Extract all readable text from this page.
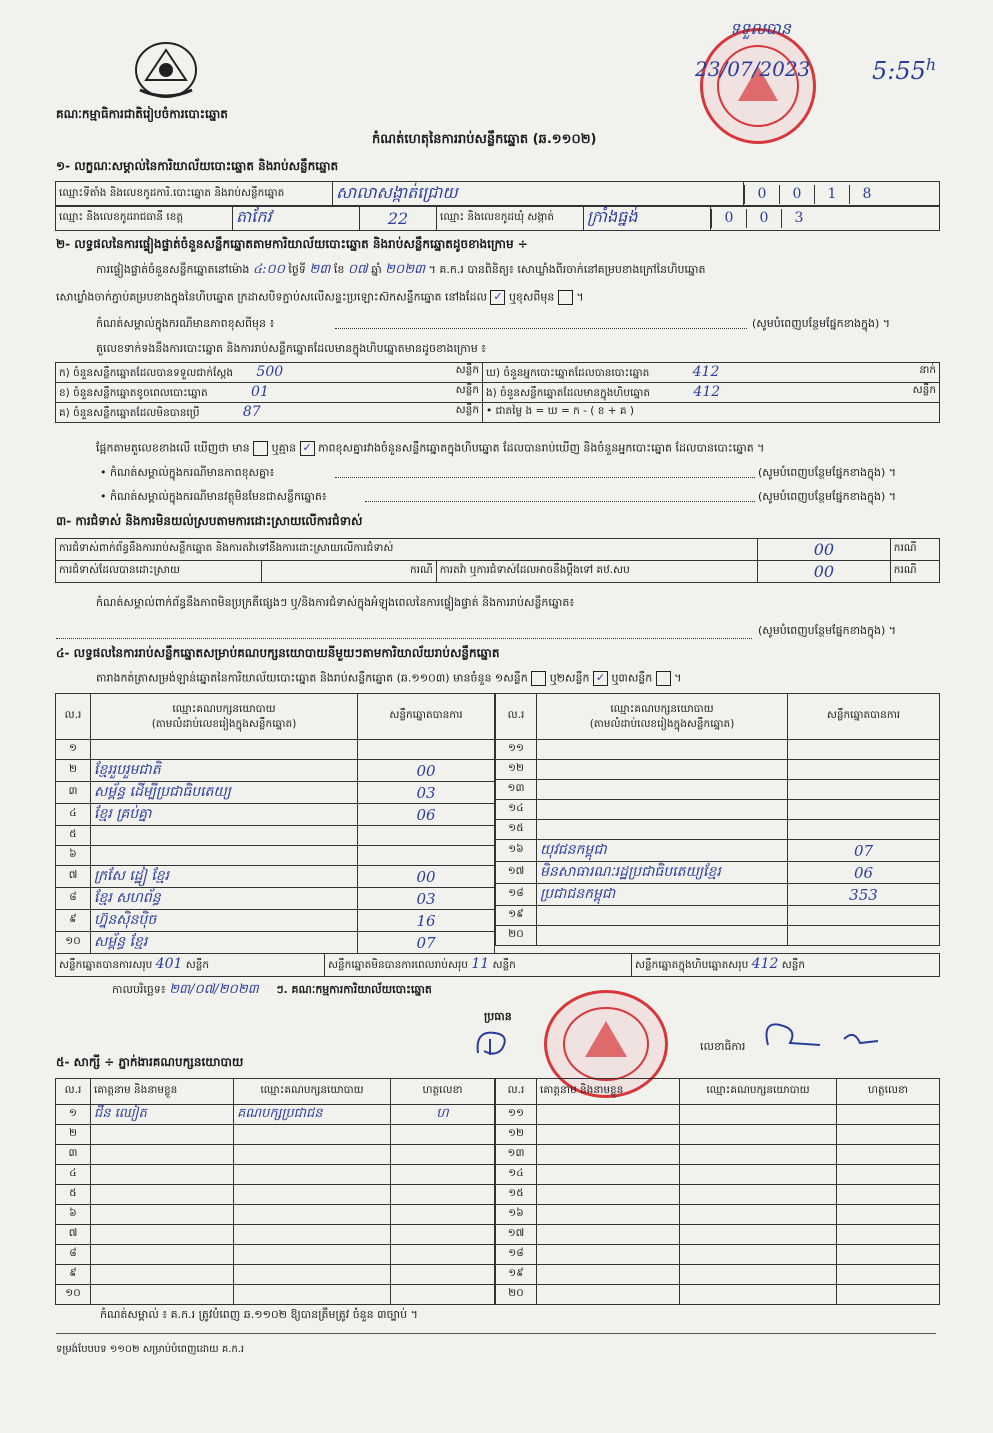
គណៈកម្មាធិការជាតិរៀបចំការបោះឆ្នោត
កំណត់ហេតុនៃការរាប់សន្លឹកឆ្នោត (ឆ.១១០២)
ទទួលបាន
23/07/2023	5:55$^h$
១- លក្ខណៈសម្គាល់នៃការិយាល័យបោះឆ្នោត និងរាប់សន្លឹកឆ្នោត
ឈ្មោះទីតាំង និងលេខកូដការិ.បោះឆ្នោត និងរាប់សន្លឹកឆ្នោត	សាលាសង្កាត់ជ្រោយ	0 0 1 8
ឈ្មោះ និងលេខកូដរាជធានី ខេត្ត	តាកែវ	22	ឈ្មោះ និងលេខកូដឃុំ សង្កាត់	ក្រាំងធ្នង់	0 0 3
២- លទ្ធផលនៃការផ្ទៀងផ្ទាត់ចំនួនសន្លឹកឆ្នោតតាមការិយាល័យបោះឆ្នោត និងរាប់សន្លឹកឆ្នោតដូចខាងក្រោម ÷
ការផ្ទៀងផ្ទាត់ចំនួនសន្លឹកឆ្នោតនៅម៉ោង ៤:០០ ថ្ងៃទី ២៣ ខែ ០៧ ឆ្នាំ ២០២៣ ។ គ.ក.រ បានពិនិត្យ៖ សោឃ្លាំងពីរចាក់នៅគម្របខាងក្រៅនៃហិបឆ្នោត
សោឃ្លាំងចាក់ភ្ជាប់គម្របខាងក្នុងនៃហិបឆ្នោត ក្រដាសបិទភ្ជាប់សលើសន្ទះប្រឡោះស៊កសន្លឹកឆ្នោត នៅងដែល ✓ ឬខុសពីមុន  ។
កំណត់សម្គាល់ក្នុងករណីមានភាពខុសពីមុន ៖	(សូមបំពេញបន្ថែមផ្នែកខាងក្នុង) ។
តួលេខទាក់ទងនឹងការបោះឆ្នោត និងការរាប់សន្លឹកឆ្នោតដែលមានក្នុងហិបឆ្នោតមានដូចខាងក្រោម ៖
ក) ចំនួនសន្លឹកឆ្នោតដែលបានទទួលជាក់ស្តែង 500 សន្លឹក	ឃ) ចំនួនអ្នកបោះឆ្នោតដែលបានបោះឆ្នោត 412 នាក់

ខ) ចំនួនសន្លឹកឆ្នោតខូចពេលបោះឆ្នោត 01 សន្លឹក	ង) ចំនួនសន្លឹកឆ្នោតដែលមានក្នុងហិបឆ្នោត 412 សន្លឹក

គ) ចំនួនសន្លឹកឆ្នោតដែលមិនបានប្រើ 87 សន្លឹក	• ជាតម្លៃ ង = ឃ = ក - ( ខ + គ )
ផ្អែកតាមតួលេខខាងលើ ឃើញថា មាន ឬគ្មាន ✓ ភាពខុសគ្នារវាងចំនួនសន្លឹកឆ្នោតក្នុងហិបឆ្នោត ដែលបានរាប់ឃើញ និងចំនួនអ្នកបោះឆ្នោត ដែលបានបោះឆ្នោត ។
• កំណត់សម្គាល់ក្នុងករណីមានភាពខុសគ្នា៖	(សូមបំពេញបន្ថែមផ្នែកខាងក្នុង) ។
• កំណត់សម្គាល់ក្នុងករណីមានវត្ថុមិនមែនជាសន្លឹកឆ្នោត៖	(សូមបំពេញបន្ថែមផ្នែកខាងក្នុង) ។
៣- ការជំទាស់ និងការមិនយល់ស្របតាមការដោះស្រាយលើការជំទាស់
ការជំទាស់ពាក់ព័ន្ធនឹងការរាប់សន្លឹកឆ្នោត និងការតវ៉ាទៅនឹងការដោះស្រាយលើការជំទាស់			00	ករណី
ការជំទាស់ដែលបានដោះស្រាយ	ករណី	ការតវ៉ា ឬការជំទាស់ដែលអាចនឹងប្តឹងទៅ គឋ.សប	00	ករណី
កំណត់សម្គាល់ពាក់ព័ន្ធនឹងភាពមិនប្រក្រតីផ្សេងៗ ឬ/និងការជំទាស់ក្នុងអំឡុងពេលនៃការផ្ទៀងផ្ទាត់ និងការរាប់សន្លឹកឆ្នោត៖
(សូមបំពេញបន្ថែមផ្នែកខាងក្នុង) ។
៤- លទ្ធផលនៃការរាប់សន្លឹកឆ្នោតសម្រាប់គណបក្សនយោបាយនីមួយៗតាមការិយាល័យរាប់សន្លឹកឆ្នោត
តារាងកត់ត្រាសម្រង់ឡាន់ឆ្នោតនៃការិយាល័យបោះឆ្នោត និងរាប់សន្លឹកឆ្នោត (ឆ.១១០៣) មានចំនួន ១សន្លឹក ឬ២សន្លឹក ✓ ឬ៣សន្លឹក  ។
ល.រ	ឈ្មោះគណបក្សនយោបាយ
(តាមលំដាប់លេខរៀងក្នុងសន្លឹកឆ្នោត)	សន្លឹកឆ្នោតបានការ
១		
២	ខ្មែររួបរួមជាតិ	00
៣	សម្ព័ន្ធ ដើម្បីប្រជាធិបតេយ្យ	03
៤	ខ្មែរ គ្រប់គ្នា	06
៥		
៦		
៧	ក្រសែ ដ្ឋៀ ខ្មែរ	00
៨	ខ្មែរ សហព័ន្ធ	03
៩	ហ្វ៊ុនស៊ិនប៉ិច	16
១០	សម្ព័ន្ធ ខ្មែរ	07
ល.រ	ឈ្មោះគណបក្សនយោបាយ
(តាមលំដាប់លេខរៀងក្នុងសន្លឹកឆ្នោត)	សន្លឹកឆ្នោតបានការ
១១		
១២		
១៣		
១៤		
១៥		
១៦	យុវជនកម្ពុជា	07
១៧	មិនសាធារណៈរដ្ឋប្រជាធិបតេយ្យខ្មែរ	06
១៨	ប្រជាជនកម្ពុជា	353
១៩		
២០		
សន្លឹកឆ្នោតបានការសរុប 401 សន្លឹក	សន្លឹកឆ្នោតមិនបានការពេលរាប់សរុប 11 សន្លឹក	សន្លឹកឆ្នោតក្នុងហិបឆ្នោតសរុប 412 សន្លឹក
កាលបរិច្ឆេទ៖ ២៣/០៧/២០២៣ ៗ. គណៈកម្មការការិយាល័យបោះឆ្នោត
ប្រធាន
លេខាធិការ
៥- សាក្សី ÷ ភ្នាក់ងារគណបក្សនយោបាយ
ល.រ	គោត្តនាម និងនាមខ្លួន	ឈ្មោះគណបក្សនយោបាយ	ហត្ថលេខា
១	ជីន ឈៀត	គណបក្សប្រជាជន	ហ
២			
៣			
៤			
៥			
៦			
៧			
៨			
៩			
១០			
ល.រ	គោត្តនាម និងនាមខ្លួន	ឈ្មោះគណបក្សនយោបាយ	ហត្ថលេខា
១១			
១២			
១៣			
១៤			
១៥			
១៦			
១៧			
១៨			
១៩			
២០			
កំណត់សម្គាល់ ៖ គ.ក.រ ត្រូវបំពេញ ឆ.១១០២ ឱ្យបានត្រឹមត្រូវ ចំនួន ៣ច្បាប់ ។
ទម្រង់បែបបទ ១១០២ សម្រាប់បំពេញដោយ គ.ក.រ
